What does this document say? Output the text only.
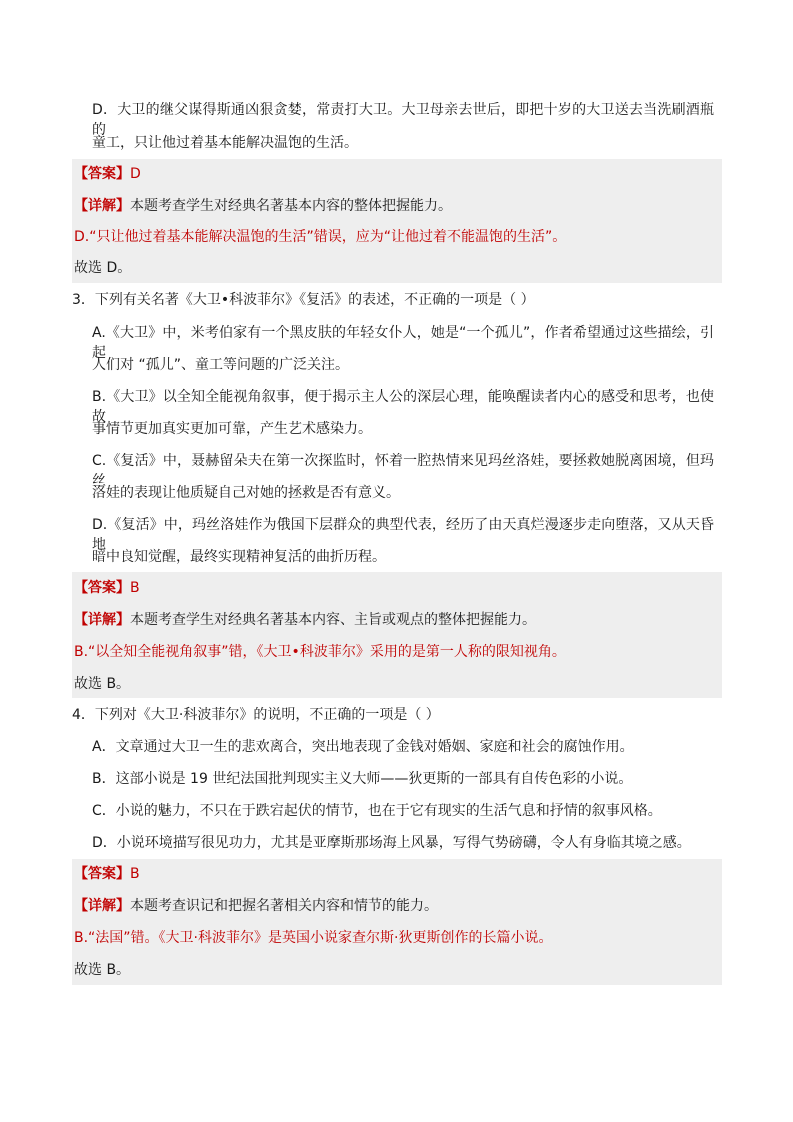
D．大卫的继父谋得斯通凶狠贪婪，常责打大卫。大卫母亲去世后，即把十岁的大卫送去当洗刷酒瓶的
童工，只让他过着基本能解决温饱的生活。
【答案】D
【详解】本题考查学生对经典名著基本内容的整体把握能力。
D.“只让他过着基本能解决温饱的生活”错误，应为“让他过着不能温饱的生活”。
故选 D。
3．下列有关名著《大卫•科波菲尔》《复活》的表述，不正确的一项是（ ）
A.《大卫》中，米考伯家有一个黑皮肤的年轻女仆人，她是“一个孤儿”，作者希望通过这些描绘，引起
人们对 “孤儿”、童工等问题的广泛关注。
B.《大卫》以全知全能视角叙事，便于揭示主人公的深层心理，能唤醒读者内心的感受和思考，也使故
事情节更加真实更加可靠，产生艺术感染力。
C.《复活》中，聂赫留朵夫在第一次探监时，怀着一腔热情来见玛丝洛娃，要拯救她脱离困境，但玛丝
洛娃的表现让他质疑自己对她的拯救是否有意义。
D.《复活》中，玛丝洛娃作为俄国下层群众的典型代表，经历了由天真烂漫逐步走向堕落，又从天昏地
暗中良知觉醒，最终实现精神复活的曲折历程。
【答案】B
【详解】本题考查学生对经典名著基本内容、主旨或观点的整体把握能力。
B.“以全知全能视角叙事”错，《大卫•科波菲尔》采用的是第一人称的限知视角。
故选 B。
4．下列对《大卫·科波菲尔》的说明，不正确的一项是（ ）
A．文章通过大卫一生的悲欢离合，突出地表现了金钱对婚姻、家庭和社会的腐蚀作用。
B．这部小说是 19 世纪法国批判现实主义大师——狄更斯的一部具有自传色彩的小说。
C．小说的魅力，不只在于跌宕起伏的情节，也在于它有现实的生活气息和抒情的叙事风格。
D．小说环境描写很见功力，尤其是亚摩斯那场海上风暴，写得气势磅礴，令人有身临其境之感。
【答案】B
【详解】本题考查识记和把握名著相关内容和情节的能力。
B.“法国”错。《大卫·科波菲尔》是英国小说家查尔斯·狄更斯创作的长篇小说。
故选 B。
